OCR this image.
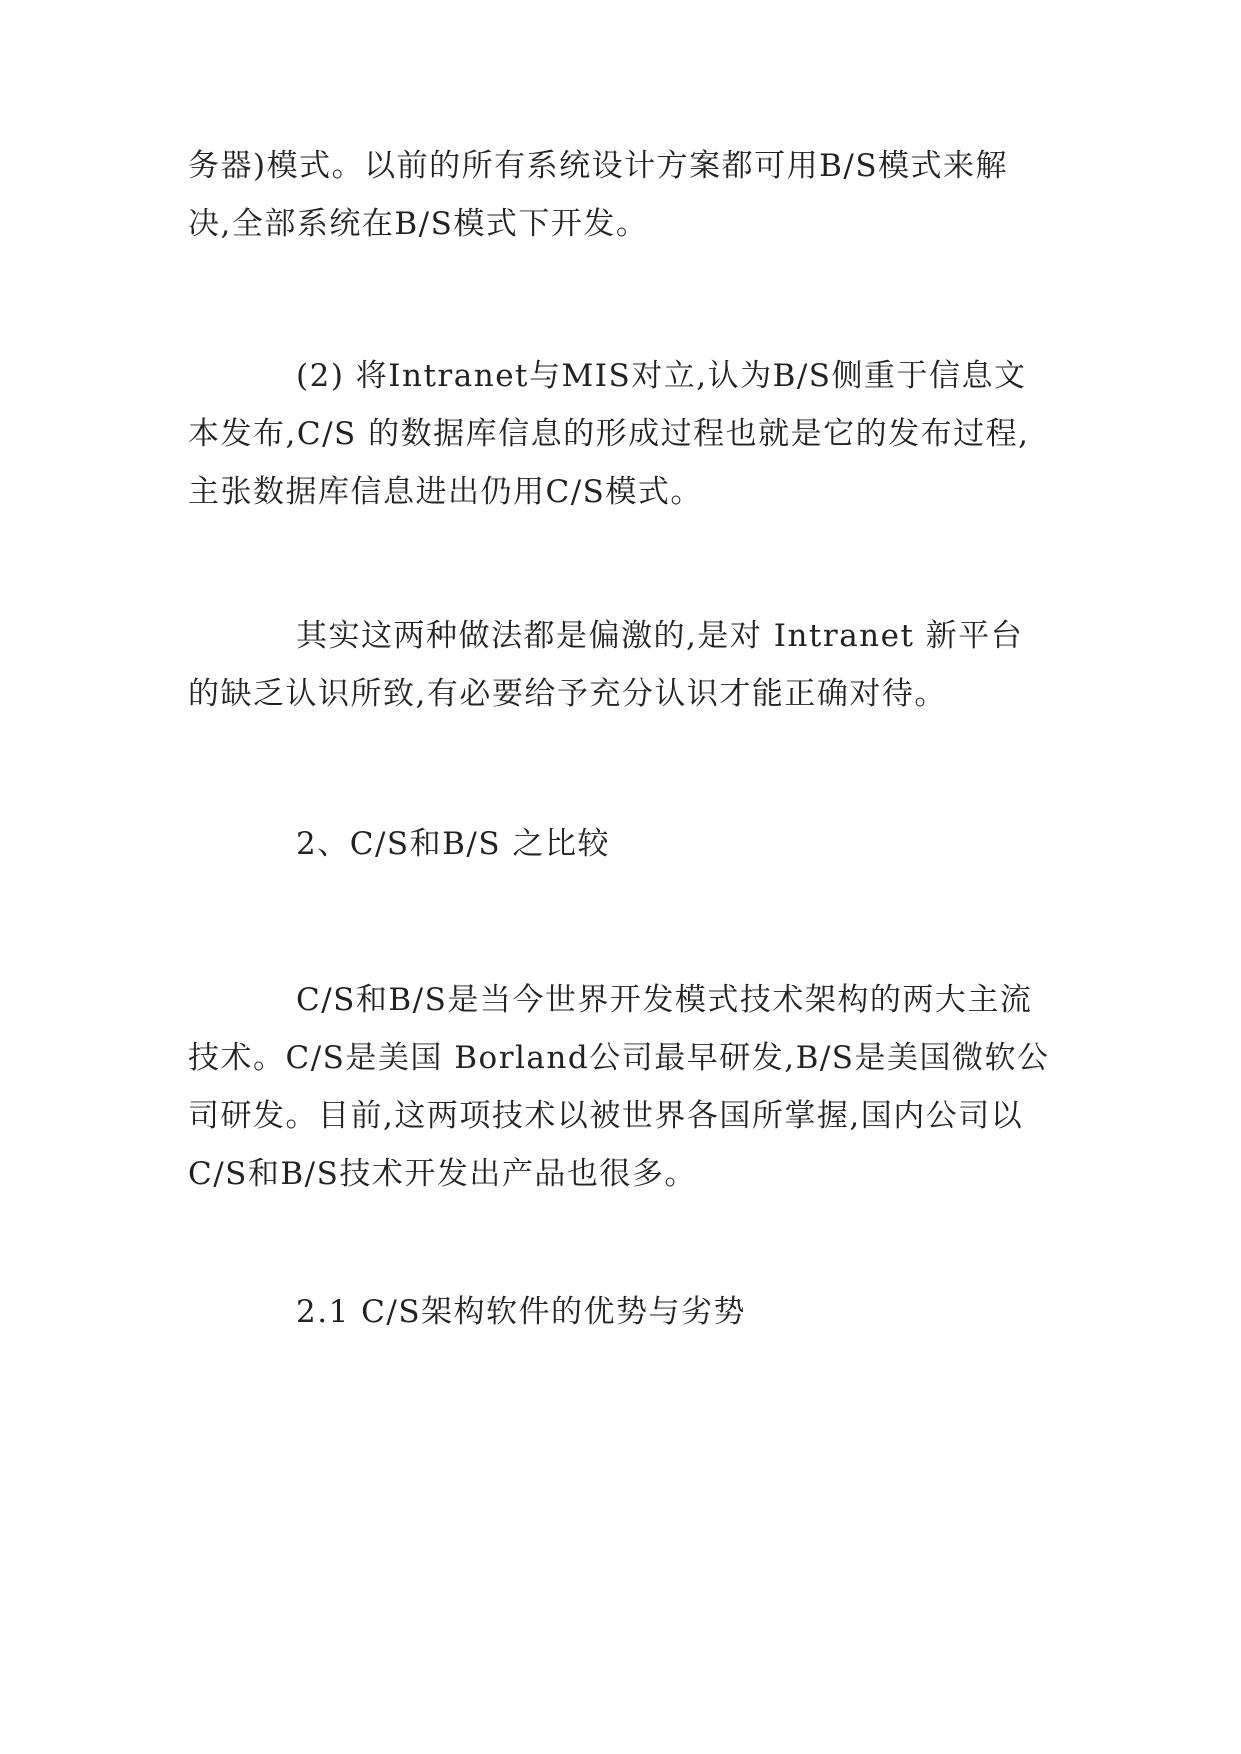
务器)模式。以前的所有系统设计方案都可用B/S模式来解
决,全部系统在B/S模式下开发。
(2) 将Intranet与MIS对立,认为B/S侧重于信息文
本发布,C/S 的数据库信息的形成过程也就是它的发布过程,
主张数据库信息进出仍用C/S模式。
其实这两种做法都是偏激的,是对 Intranet 新平台
的缺乏认识所致,有必要给予充分认识才能正确对待。
2、C/S和B/S 之比较
C/S和B/S是当今世界开发模式技术架构的两大主流
技术。C/S是美国 Borland公司最早研发,B/S是美国微软公
司研发。目前,这两项技术以被世界各国所掌握,国内公司以
C/S和B/S技术开发出产品也很多。
2.1 C/S架构软件的优势与劣势
